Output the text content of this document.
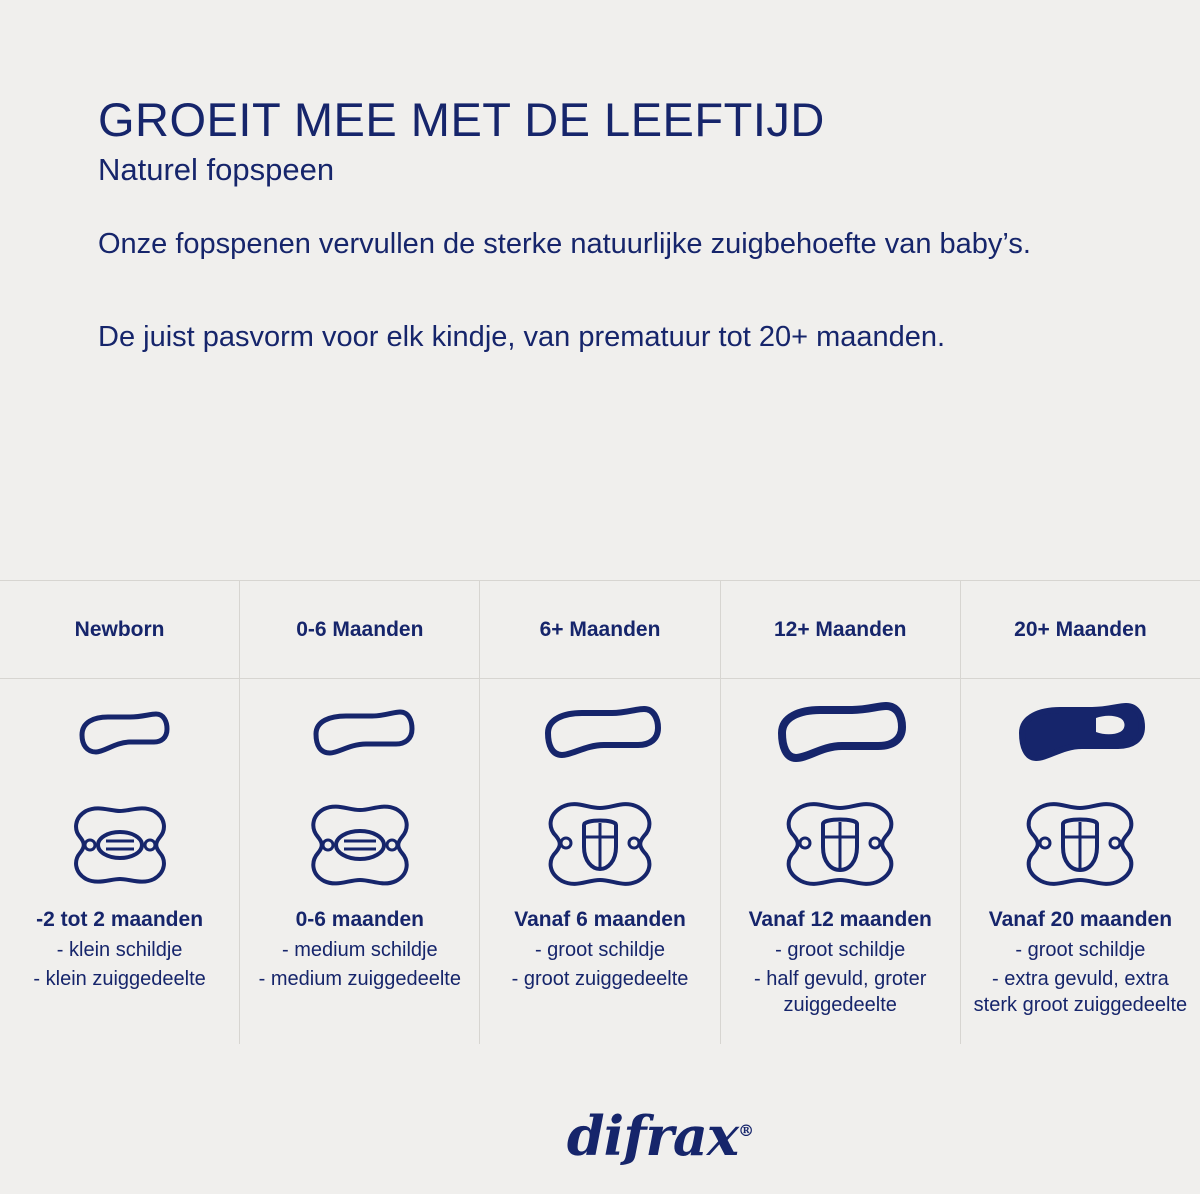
GROEIT MEE MET DE LEEFTIJD
Naturel fopspeen

Onze fopspenen vervullen de sterke natuurlijke zuigbehoefte van baby’s.

De juist pasvorm voor elk kindje, van prematuur tot 20+ maanden.

Newborn
-2 tot 2 maanden
- klein schildje
- klein zuiggedeelte
0-6 Maanden
0-6 maanden
- medium schildje
- medium zuiggedeelte
6+ Maanden
Vanaf 6 maanden
- groot schildje
- groot zuiggedeelte
12+ Maanden
Vanaf 12 maanden
- groot schildje
- half gevuld, groter zuiggedeelte
20+ Maanden
Vanaf 20 maanden
- groot schildje
- extra gevuld, extra sterk groot zuiggedeelte
difrax®
